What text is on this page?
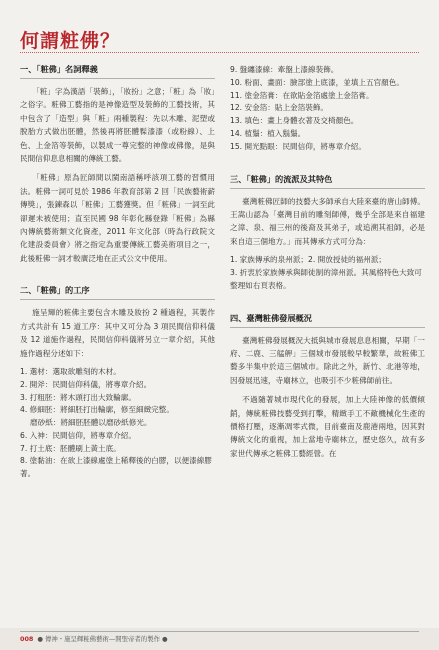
何謂粧佛？
一、「粧佛」名詞釋義

「粧」字為漢語「裝飾」，「妝扮」之意；「粧」為「妝」之俗字。粧佛工藝指的是神像造型及裝飾的工藝技術，其中包含了「造型」與「粧」兩種製程：先以木雕、泥塑或脫胎方式做出胚體，然後再將胚體髹漆漆（或粉線）、上色、上金箔等裝飾，以製成一尊完整的神像或佛像，是與民間信仰息息相關的傳統工藝。

「粧佛」原為匠師間以閩南語稱呼該項工藝的習慣用法。粧佛一詞可見於 1986 年教育部第 2 回「民族藝術薪傳獎」，張鍊森以「粧佛」工藝獲獎。但「粧佛」一詞至此卻遲未被使用；直至民國 98 年彰化縣登錄「粧佛」為縣內傳統藝術類文化資產，2011 年文化部（時為行政院文化建設委員會）將之指定為重要傳統工藝美術項目之一，此後粧佛一詞才較廣泛地在正式公文中使用。

二、「粧佛」的工序

施呈輝的粧佛主要包含木雕及妝扮 2 種過程，其製作方式共計有 15 道工序：其中又可分為 3 項民間信仰科儀及 12 道施作過程，民間信仰科儀將另立一章介紹，其他施作過程分述如下：

1. 選材：選取欲雕刻的木材。
2. 開斧：民間信仰科儀，將專章介紹。
3. 打粗胚：將木頭打出大致輪廓。
4. 修細胚：將細胚打出輪廓，修至細緻完整。
　 磨砂紙：將細胚胚體以磨砂紙修光。
6. 入神：民間信仰，將專章介紹。
7. 打土底：胚體刷上黃土底。
8. 塗黏油：在欲上漆線處塗上稀釋後的白膠，以便漆線膠著。
9. 盤纏漆線：牽盤上漆線裝飾。
10. 粉面、畫面：臉部塗上底漆，並填上五官顏色。
11. 塗金箔膏：在欲貼金箔處塗上金箔膏。
12. 安金箔：貼上金箔裝飾。
13. 填色：畫上身體衣著及交椅顏色。
14. 植鬚：植入鬍鬚。
15. 開光點眼：民間信仰，將專章介紹。
三、「粧佛」的流派及其特色

臺灣粧佛匠師的技藝大多師承自大陸來臺的唐山師傅。王嵩山認為「臺灣目前的雕刻師傅，幾乎全部是來自福建之漳、泉、福三州的後裔及其弟子，或追溯其祖師，必是來自這三個地方。」而其傳承方式可分為：

1. 家族傳承的泉州派；2. 開放授徒的福州派；
3. 折衷於家族傳承與師徒制的漳州派。其風格特色大致可整理如右頁表格。
四、臺灣粧佛發展概況

臺灣粧佛發展概況大抵與城市發展息息相關，早期「一府、二鹿、三艋舺」三個城市發展較早較繁華，故粧佛工藝多半集中於這三個城市。除此之外，新竹、北港等地，因發展迅速，寺廟林立，也吸引不少粧佛師前往。

不過隨著城市現代化的發展，加上大陸神像的低價傾銷，傳統粧佛技藝受到打擊，精緻手工不敵機械化生產的價格打壓，逐漸凋零式微，目前臺南及鹿港兩地，因其對傳統文化的重視，加上當地寺廟林立，歷史悠久，故有多家世代傳承之粧佛工藝經營。在

008 ● 傳神・施呈輝粧佛藝術—開聖帝者的製作 ●
